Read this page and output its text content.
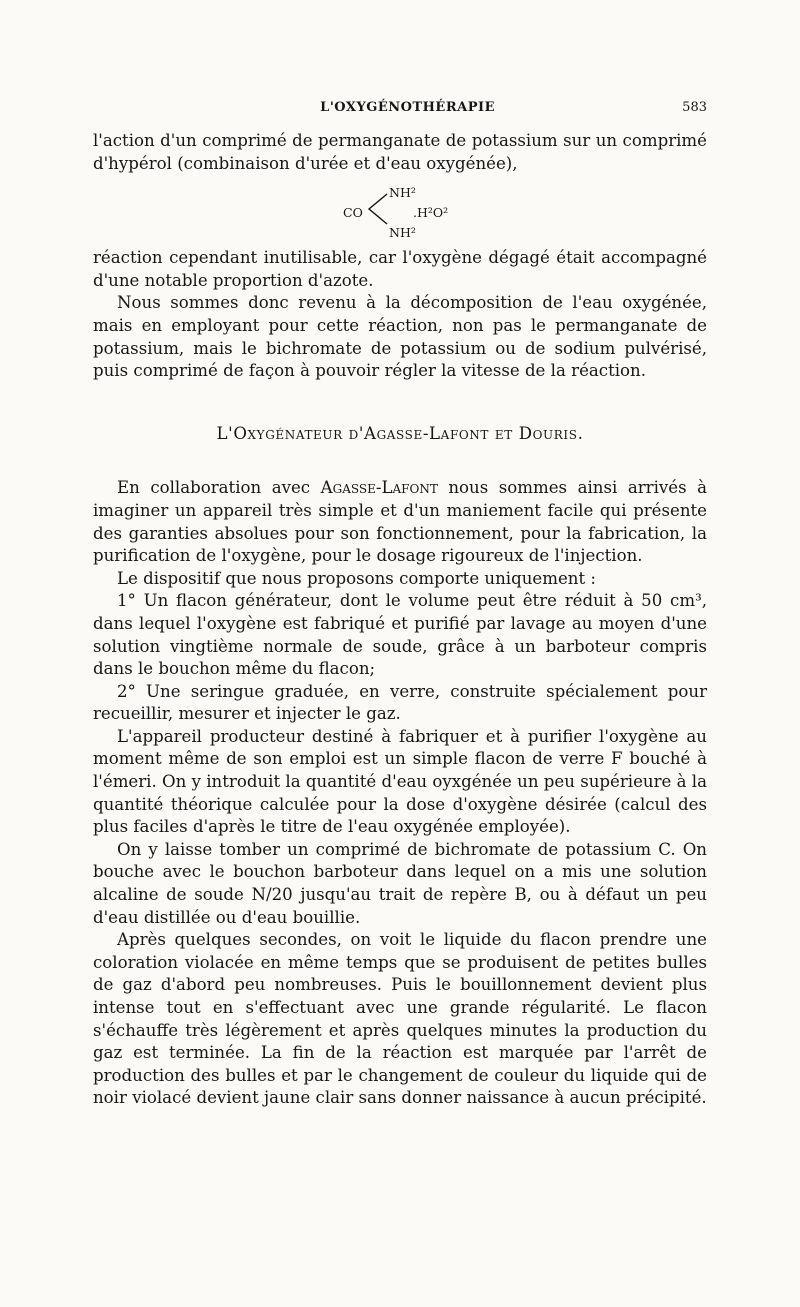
L'OXYGÉNOTHÉRAPIE	583

l'action d'un comprimé de permanganate de potassium sur un comprimé d'hypérol (combinaison d'urée et d'eau oxygénée),

CO
NH²
.H²O²
NH²

réaction cependant inutilisable, car l'oxygène dégagé était accompagné d'une notable proportion d'azote.

Nous sommes donc revenu à la décomposition de l'eau oxygénée, mais en employant pour cette réaction, non pas le permanganate de potassium, mais le bichromate de potassium ou de sodium pulvérisé, puis comprimé de façon à pouvoir régler la vitesse de la réaction.

L'Oxygénateur d'Agasse-Lafont et Douris.

En collaboration avec Agasse-Lafont nous sommes ainsi arrivés à imaginer un appareil très simple et d'un maniement facile qui présente des garanties absolues pour son fonctionnement, pour la fabrication, la purification de l'oxygène, pour le dosage rigoureux de l'injection.

Le dispositif que nous proposons comporte uniquement :

1° Un flacon générateur, dont le volume peut être réduit à 50 cm³, dans lequel l'oxygène est fabriqué et purifié par lavage au moyen d'une solution vingtième normale de soude, grâce à un barboteur compris dans le bouchon même du flacon;

2° Une seringue graduée, en verre, construite spécialement pour recueillir, mesurer et injecter le gaz.

L'appareil producteur destiné à fabriquer et à purifier l'oxygène au moment même de son emploi est un simple flacon de verre F bouché à l'émeri. On y introduit la quantité d'eau oyxgénée un peu supérieure à la quantité théorique calculée pour la dose d'oxygène désirée (calcul des plus faciles d'après le titre de l'eau oxygénée employée).

On y laisse tomber un comprimé de bichromate de potassium C. On bouche avec le bouchon barboteur dans lequel on a mis une solution alcaline de soude N/20 jusqu'au trait de repère B, ou à défaut un peu d'eau distillée ou d'eau bouillie.

Après quelques secondes, on voit le liquide du flacon prendre une coloration violacée en même temps que se produisent de petites bulles de gaz d'abord peu nombreuses. Puis le bouillonnement devient plus intense tout en s'effectuant avec une grande régularité. Le flacon s'échauffe très légèrement et après quelques minutes la production du gaz est terminée. La fin de la réaction est marquée par l'arrêt de production des bulles et par le changement de couleur du liquide qui de noir violacé devient jaune clair sans donner naissance à aucun précipité.
